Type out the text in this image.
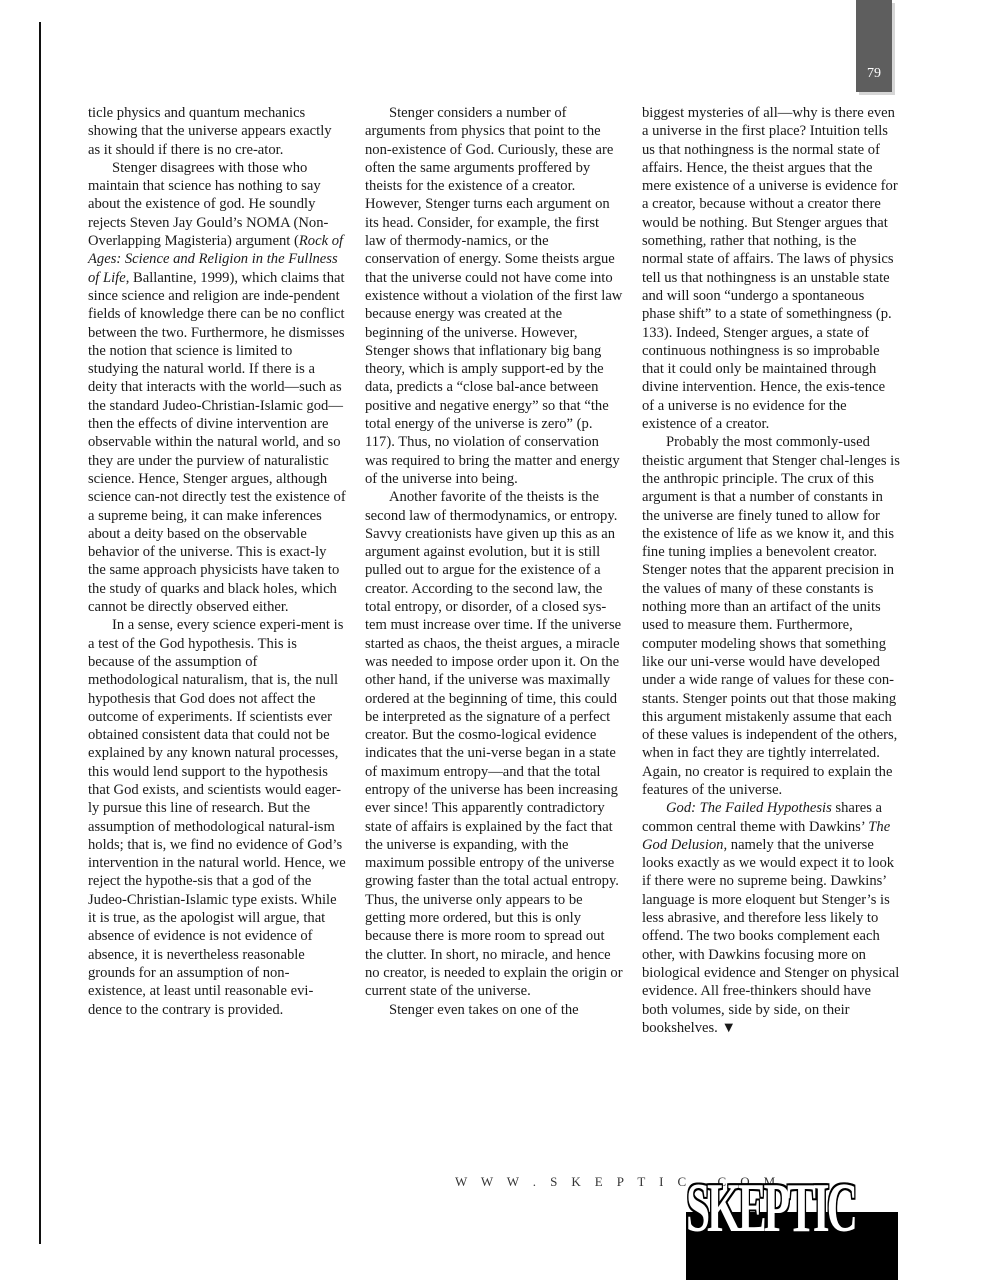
79

ticle physics and quantum mechanics showing that the universe appears exactly as it should if there is no cre-ator.

Stenger disagrees with those who maintain that science has nothing to say about the existence of god. He soundly rejects Steven Jay Gould’s NOMA (Non-Overlapping Magisteria) argument (Rock of Ages: Science and Religion in the Fullness of Life, Ballantine, 1999), which claims that since science and religion are inde-pendent fields of knowledge there can be no conflict between the two. Furthermore, he dismisses the notion that science is limited to studying the natural world. If there is a deity that interacts with the world—such as the standard Judeo-Christian-Islamic god—then the effects of divine intervention are observable within the natural world, and so they are under the purview of naturalistic science. Hence, Stenger argues, although science can-not directly test the existence of a supreme being, it can make inferences about a deity based on the observable behavior of the universe. This is exact-ly the same approach physicists have taken to the study of quarks and black holes, which cannot be directly observed either.

In a sense, every science experi-ment is a test of the God hypothesis. This is because of the assumption of methodological naturalism, that is, the null hypothesis that God does not affect the outcome of experiments. If scientists ever obtained consistent data that could not be explained by any known natural processes, this would lend support to the hypothesis that God exists, and scientists would eager-ly pursue this line of research. But the assumption of methodological natural-ism holds; that is, we find no evidence of God’s intervention in the natural world. Hence, we reject the hypothe-sis that a god of the Judeo-Christian-Islamic type exists. While it is true, as the apologist will argue, that absence of evidence is not evidence of absence, it is nevertheless reasonable grounds for an assumption of non-existence, at least until reasonable evi-dence to the contrary is provided.

Stenger considers a number of arguments from physics that point to the non-existence of God. Curiously, these are often the same arguments proffered by theists for the existence of a creator. However, Stenger turns each argument on its head. Consider, for example, the first law of thermody-namics, or the conservation of energy. Some theists argue that the universe could not have come into existence without a violation of the first law because energy was created at the beginning of the universe. However, Stenger shows that inflationary big bang theory, which is amply support-ed by the data, predicts a “close bal-ance between positive and negative energy” so that “the total energy of the universe is zero” (p. 117). Thus, no violation of conservation was required to bring the matter and energy of the universe into being.

Another favorite of the theists is the second law of thermodynamics, or entropy. Savvy creationists have given up this as an argument against evolution, but it is still pulled out to argue for the existence of a creator. According to the second law, the total entropy, or disorder, of a closed sys-tem must increase over time. If the universe started as chaos, the theist argues, a miracle was needed to impose order upon it. On the other hand, if the universe was maximally ordered at the beginning of time, this could be interpreted as the signature of a perfect creator. But the cosmo-logical evidence indicates that the uni-verse began in a state of maximum entropy—and that the total entropy of the universe has been increasing ever since! This apparently contradictory state of affairs is explained by the fact that the universe is expanding, with the maximum possible entropy of the universe growing faster than the total actual entropy. Thus, the universe only appears to be getting more ordered, but this is only because there is more room to spread out the clutter. In short, no miracle, and hence no creator, is needed to explain the origin or current state of the universe.

Stenger even takes on one of the

biggest mysteries of all—why is there even a universe in the first place? Intuition tells us that nothingness is the normal state of affairs. Hence, the theist argues that the mere existence of a universe is evidence for a creator, because without a creator there would be nothing. But Stenger argues that something, rather that nothing, is the normal state of affairs. The laws of physics tell us that nothingness is an unstable state and will soon “undergo a spontaneous phase shift” to a state of somethingness (p. 133). Indeed, Stenger argues, a state of continuous nothingness is so improbable that it could only be maintained through divine intervention. Hence, the exis-tence of a universe is no evidence for the existence of a creator.

Probably the most commonly-used theistic argument that Stenger chal-lenges is the anthropic principle. The crux of this argument is that a number of constants in the universe are finely tuned to allow for the existence of life as we know it, and this fine tuning implies a benevolent creator. Stenger notes that the apparent precision in the values of many of these constants is nothing more than an artifact of the units used to measure them. Furthermore, computer modeling shows that something like our uni-verse would have developed under a wide range of values for these con-stants. Stenger points out that those making this argument mistakenly assume that each of these values is independent of the others, when in fact they are tightly interrelated. Again, no creator is required to explain the features of the universe.

God: The Failed Hypothesis shares a common central theme with Dawkins’ The God Delusion, namely that the universe looks exactly as we would expect it to look if there were no supreme being. Dawkins’ language is more eloquent but Stenger’s is less abrasive, and therefore less likely to offend. The two books complement each other, with Dawkins focusing more on biological evidence and Stenger on physical evidence. All free-thinkers should have both volumes, side by side, on their bookshelves. ▼

W W W . S K E P T I C . C O M
SKEPTIC
